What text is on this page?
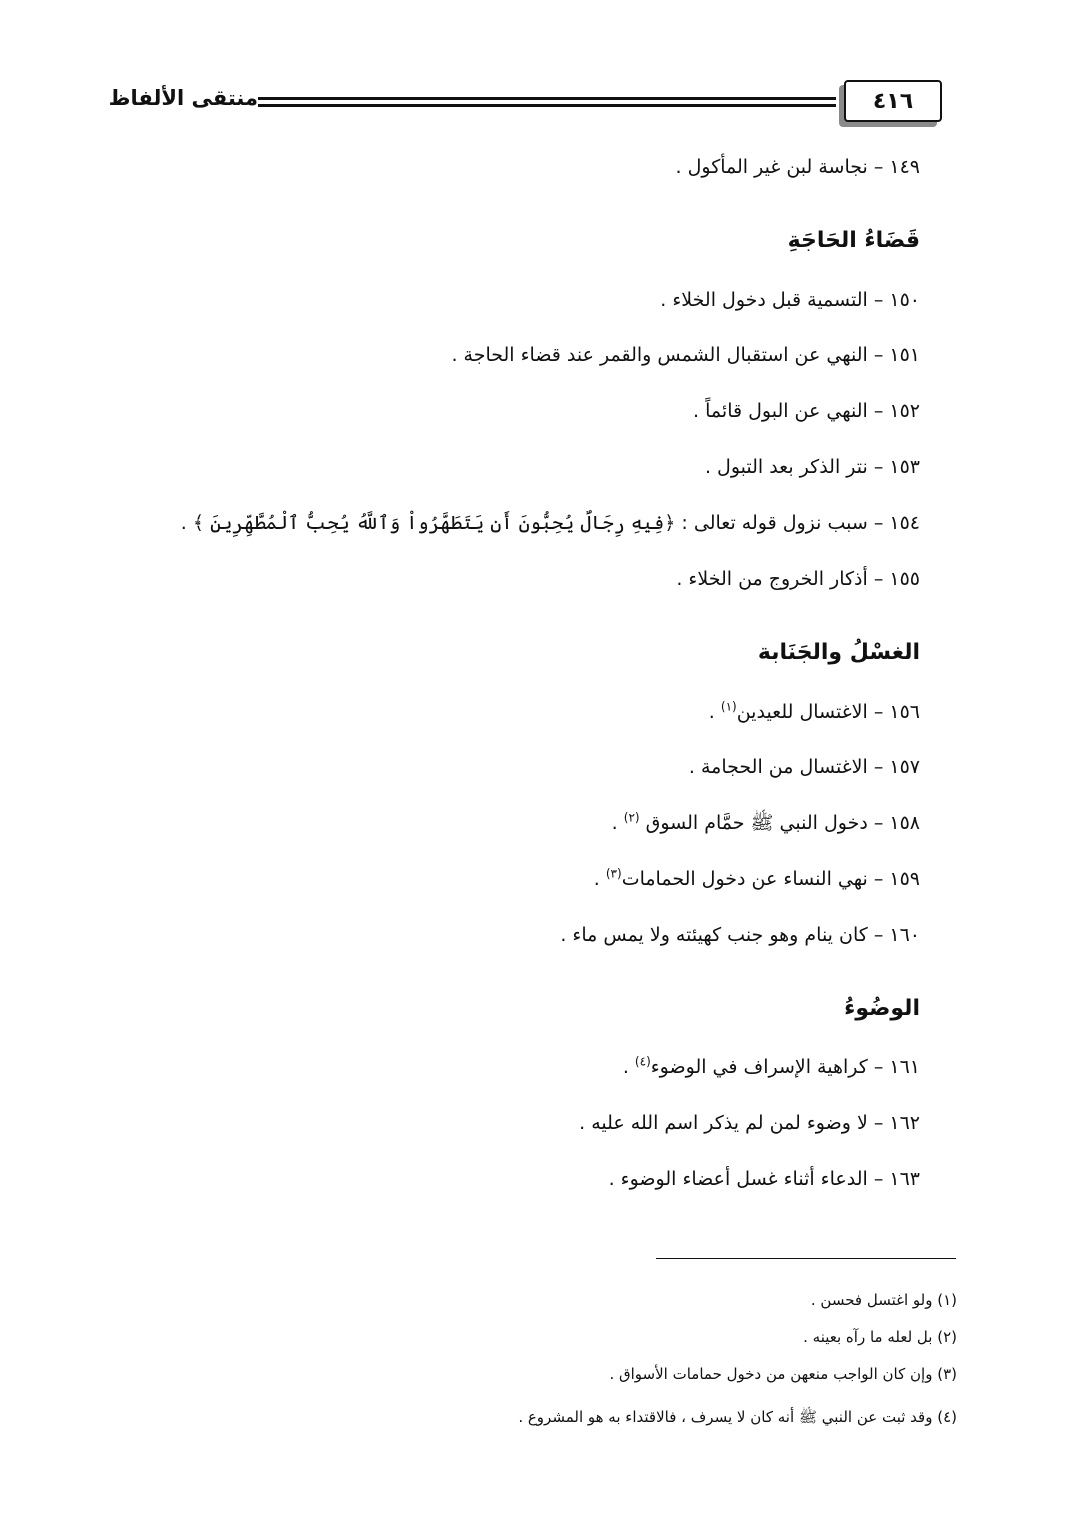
٤١٦
منتقى الألفاظ
١٤٩ – نجاسة لبن غير المأكول .
قَضَاءُ الحَاجَةِ
١٥٠ – التسمية قبل دخول الخلاء .
١٥١ – النهي عن استقبال الشمس والقمر عند قضاء الحاجة .
١٥٢ – النهي عن البول قائماً .
١٥٣ – نتر الذكر بعد التبول .
١٥٤ – سبب نزول قوله تعالى : ﴿فِيهِ رِجَالٌ يُحِبُّونَ أَن يَتَطَهَّرُواْ وَٱللَّهُ يُحِبُّ ٱلْمُطَّهِّرِينَ ﴾ .
١٥٥ – أذكار الخروج من الخلاء .
الغسْلُ والجَنَابة
١٥٦ – الاغتسال للعيدين$^{(١)}$ .
١٥٧ – الاغتسال من الحجامة .
١٥٨ – دخول النبي ﷺ حمَّام السوق $^{(٢)}$ .
١٥٩ – نهي النساء عن دخول الحمامات$^{(٣)}$ .
١٦٠ – كان ينام وهو جنب كهيئته ولا يمس ماء .
الوضُوءُ
١٦١ – كراهية الإسراف في الوضوء$^{(٤)}$ .
١٦٢ – لا وضوء لمن لم يذكر اسم الله عليه .
١٦٣ – الدعاء أثناء غسل أعضاء الوضوء .
(١) ولو اغتسل فحسن .
(٢) بل لعله ما رآه بعينه .
(٣) وإن كان الواجب منعهن من دخول حمامات الأسواق .
(٤) وقد ثبت عن النبي ﷺ أنه كان لا يسرف ، فالاقتداء به هو المشروع .
